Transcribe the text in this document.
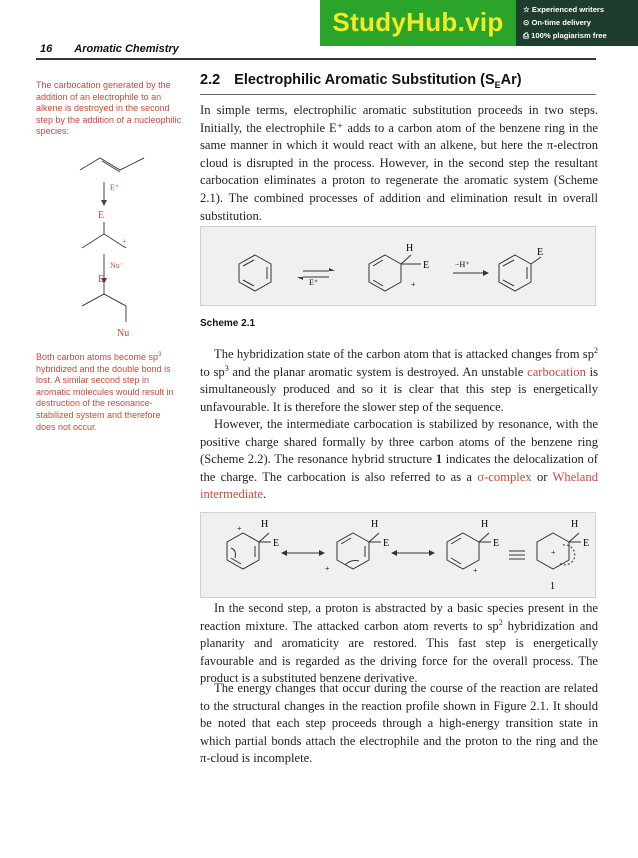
StudyHub.vip	☆ Experienced writers
⊙ On-time delivery
⎙ 100% plagiarism free
16 Aromatic Chemistry
The carbocation generated by the addition of an electrophile to an alkene is destroyed in the second step by the addition of a nucleophilic species:
E⁺
E
+
Nu⁻
E
Nu
Both carbon atoms become $sp^3$ hybridized and the double bond is lost. A similar second step in aromatic molecules would result in destruction of the resonance-stabilized system and therefore does not occur.
2.2 Electrophilic Aromatic Substitution $(S_EAr)$
In simple terms, electrophilic aromatic substitution proceeds in two steps. Initially, the electrophile E⁺ adds to a carbon atom of the benzene ring in the same manner in which it would react with an alkene, but here the π-electron cloud is disrupted in the process. However, in the second step the resultant carbocation eliminates a proton to regenerate the aromatic system (Scheme 2.1). The combined processes of addition and elimination result in overall substitution.
H
E
E⁺
−H⁺
+
E
Scheme 2.1
The hybridization state of the carbon atom that is attacked changes from $sp^2$ to $sp^3$ and the planar aromatic system is destroyed. An unstable carbocation is simultaneously produced and so it is clear that this step is energetically unfavourable. It is therefore the slower step of the sequence.
However, the intermediate carbocation is stabilized by resonance, with the positive charge shared formally by three carbon atoms of the benzene ring (Scheme 2.2). The resonance hybrid structure 1 indicates the delocalization of the charge. The carbocation is also referred to as a σ-complex or Wheland intermediate.
H
E
+	H
E
+
H
E
+
H
E
+
1
In the second step, a proton is abstracted by a basic species present in the reaction mixture. The attacked carbon atom reverts to $sp^2$ hybridization and planarity and aromaticity are restored. This fast step is energetically favourable and is regarded as the driving force for the overall process. The product is a substituted benzene derivative.
The energy changes that occur during the course of the reaction are related to the structural changes in the reaction profile shown in Figure 2.1. It should be noted that each step proceeds through a high-energy transition state in which partial bonds attach the electrophile and the proton to the ring and the π-cloud is incomplete.
